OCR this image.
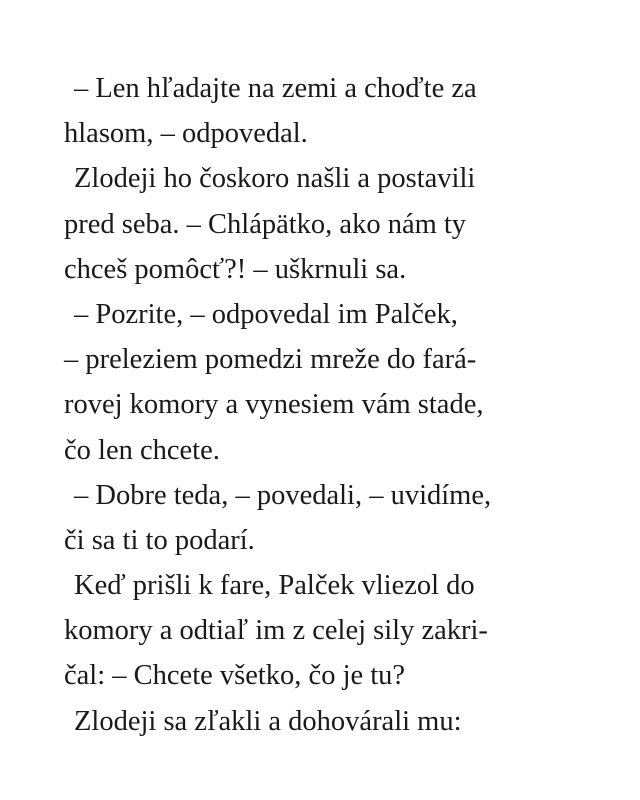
– Len hľadajte na zemi a choďte za
hlasom, – odpovedal.
Zlodeji ho čoskoro našli a postavili
pred seba. – Chlápätko, ako nám ty
chceš pomôcť?! – uškrnuli sa.
– Pozrite, – odpovedal im Palček,
– preleziem pomedzi mreže do fará-
rovej komory a vynesiem vám stade,
čo len chcete.
– Dobre teda, – povedali, – uvidíme,
či sa ti to podarí.
Keď prišli k fare, Palček vliezol do
komory a odtiaľ im z celej sily zakri-
čal: – Chcete všetko, čo je tu?
Zlodeji sa zľakli a dohovárali mu:
